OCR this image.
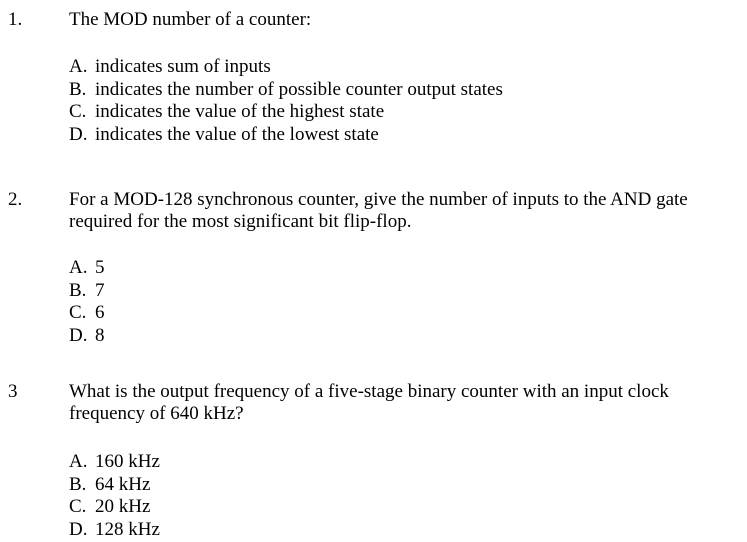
1. The MOD number of a counter:
A. indicates sum of inputs
B. indicates the number of possible counter output states
C. indicates the value of the highest state
D. indicates the value of the lowest state
2. For a MOD-128 synchronous counter, give the number of inputs to the AND gate required for the most significant bit flip-flop.
A. 5
B. 7
C. 6
D. 8
3	What is the output frequency of a five-stage binary counter with an input clock frequency of 640 kHz?
A. 160 kHz
B. 64 kHz
C. 20 kHz
D. 128 kHz
